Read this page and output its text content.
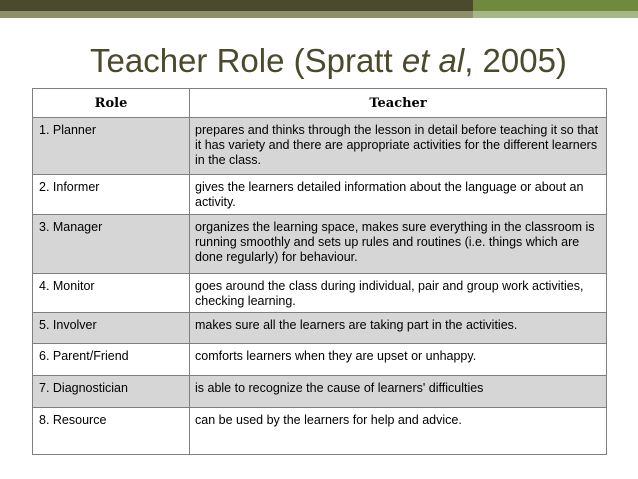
Teacher Role (Spratt et al, 2005)
Role	Teacher
1. Planner	prepares and thinks through the lesson in detail before teaching it so that it has variety and there are appropriate activities for the different learners in the class.
2. Informer	gives the learners detailed information about the language or about an activity.
3. Manager	organizes the learning space, makes sure everything in the classroom is running smoothly and sets up rules and routines (i.e. things which are done regularly) for behaviour.
4. Monitor	goes around the class during individual, pair and group work activities, checking learning.
5. Involver	makes sure all the learners are taking part in the activities.
6. Parent/Friend	comforts learners when they are upset or unhappy.
7. Diagnostician	is able to recognize the cause of learners' difficulties
8. Resource	can be used by the learners for help and advice.
